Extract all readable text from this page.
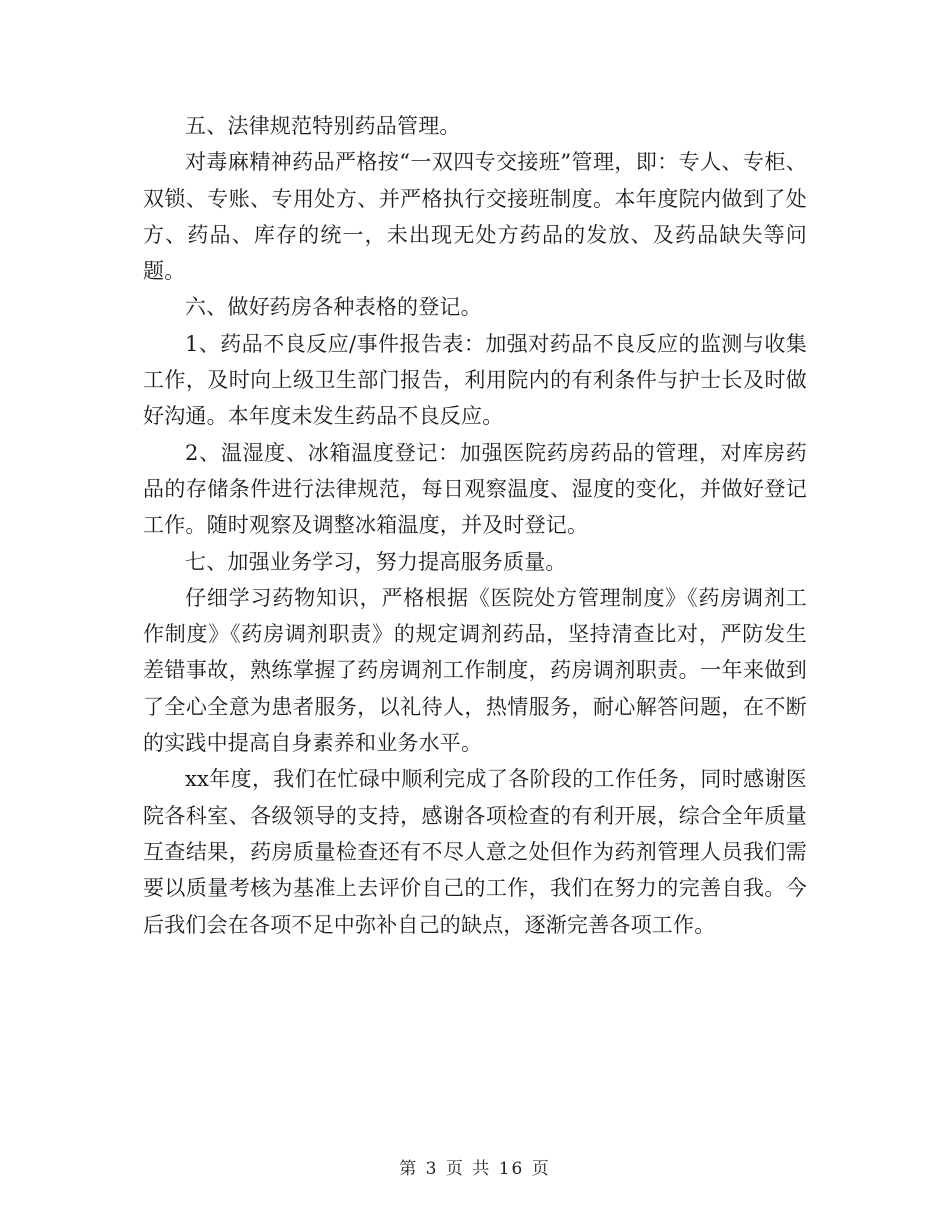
五、法律规范特别药品管理。

对毒麻精神药品严格按“一双四专交接班”管理，即：专人、专柜、双锁、专账、专用处方、并严格执行交接班制度。本年度院内做到了处方、药品、库存的统一，未出现无处方药品的发放、及药品缺失等问题。

六、做好药房各种表格的登记。

1、药品不良反应/事件报告表：加强对药品不良反应的监测与收集工作，及时向上级卫生部门报告，利用院内的有利条件与护士长及时做好沟通。本年度未发生药品不良反应。

2、温湿度、冰箱温度登记：加强医院药房药品的管理，对库房药品的存储条件进行法律规范，每日观察温度、湿度的变化，并做好登记工作。随时观察及调整冰箱温度，并及时登记。

七、加强业务学习，努力提高服务质量。

仔细学习药物知识，严格根据《医院处方管理制度》《药房调剂工作制度》《药房调剂职责》的规定调剂药品，坚持清查比对，严防发生差错事故，熟练掌握了药房调剂工作制度，药房调剂职责。一年来做到了全心全意为患者服务，以礼待人，热情服务，耐心解答问题，在不断的实践中提高自身素养和业务水平。

xx年度，我们在忙碌中顺利完成了各阶段的工作任务，同时感谢医院各科室、各级领导的支持，感谢各项检查的有利开展，综合全年质量互查结果，药房质量检查还有不尽人意之处但作为药剂管理人员我们需要以质量考核为基准上去评价自己的工作，我们在努力的完善自我。今后我们会在各项不足中弥补自己的缺点，逐渐完善各项工作。

第 3 页 共 16 页
